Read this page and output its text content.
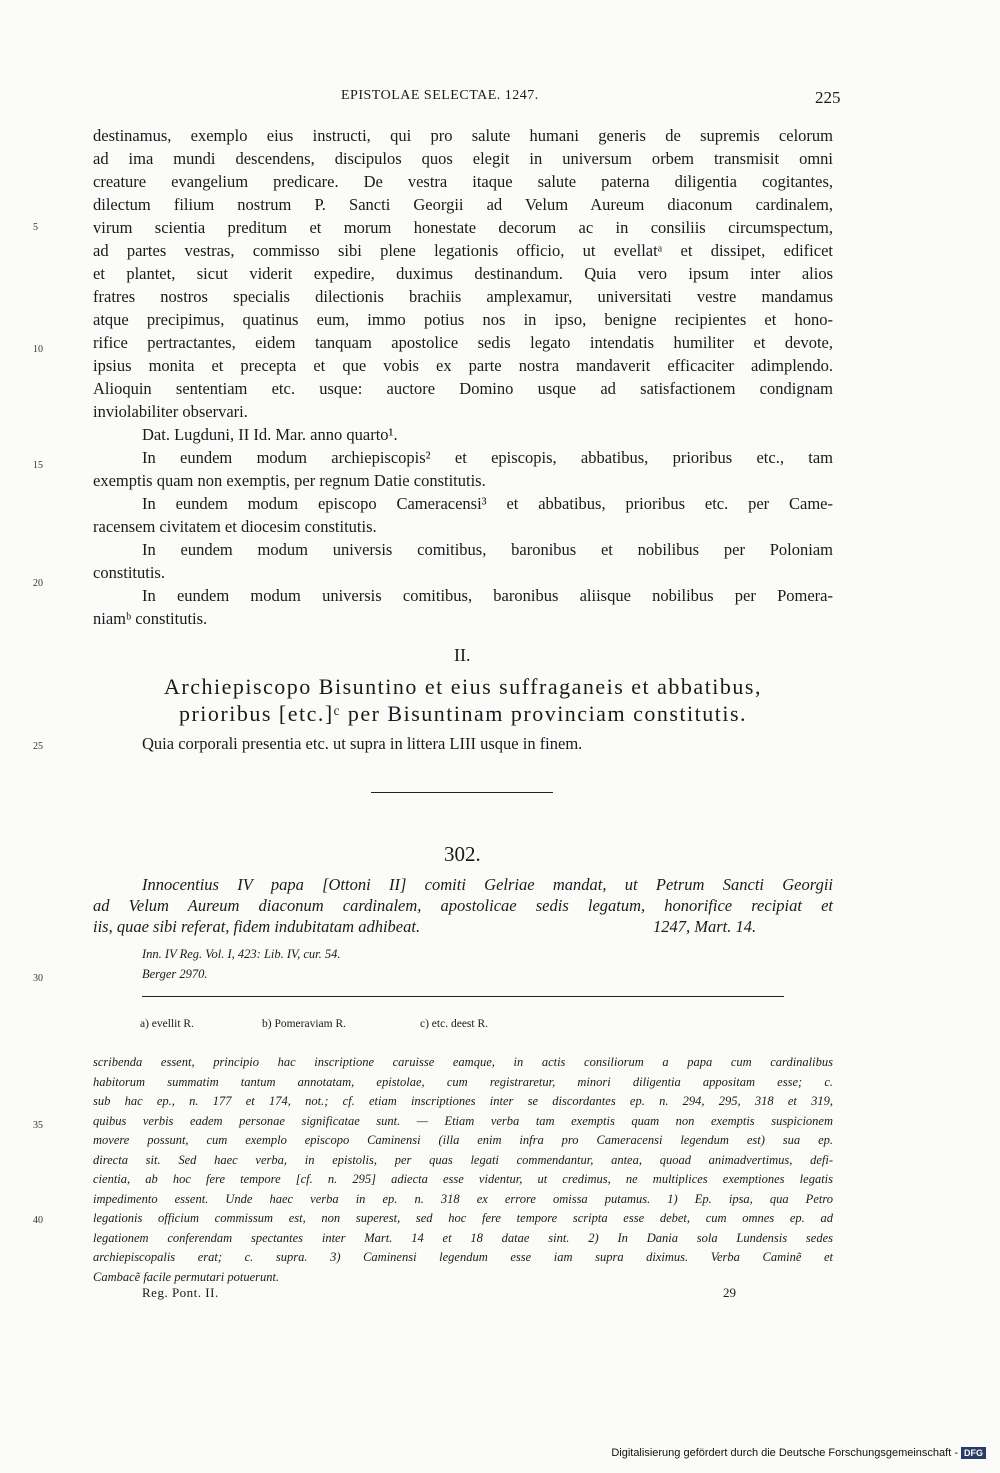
EPISTOLAE SELECTAE. 1247.	225
destinamus, exemplo eius instructi, qui pro salute humani generis de supremis celorum
ad ima mundi descendens, discipulos quos elegit in universum orbem transmisit omni
creature evangelium predicare. De vestra itaque salute paterna diligentia cogitantes,
dilectum filium nostrum P. Sancti Georgii ad Velum Aureum diaconum cardinalem,
virum scientia preditum et morum honestate decorum ac in consiliis circumspectum,
ad partes vestras, commisso sibi plene legationis officio, ut evellatᵃ et dissipet, edificet
et plantet, sicut viderit expedire, duximus destinandum. Quia vero ipsum inter alios
fratres nostros specialis dilectionis brachiis amplexamur, universitati vestre mandamus
atque precipimus, quatinus eum, immo potius nos in ipso, benigne recipientes et hono-
rifice pertractantes, eidem tanquam apostolice sedis legato intendatis humiliter et devote,
ipsius monita et precepta et que vobis ex parte nostra mandaverit efficaciter adimplendo.
Alioquin sententiam etc. usque: auctore Domino usque ad satisfactionem condignam
inviolabiliter observari.
Dat. Lugduni, II Id. Mar. anno quarto¹.
In eundem modum archiepiscopis² et episcopis, abbatibus, prioribus etc., tam
exemptis quam non exemptis, per regnum Datie constitutis.
In eundem modum episcopo Cameracensi³ et abbatibus, prioribus etc. per Came-
racensem civitatem et diocesim constitutis.
In eundem modum universis comitibus, baronibus et nobilibus per Poloniam
constitutis.
In eundem modum universis comitibus, baronibus aliisque nobilibus per Pomera-
niamᵇ constitutis.
5
10
15
20
25
30
35
40
II.
Archiepiscopo Bisuntino et eius suffraganeis et abbatibus,
prioribus [etc.]ᶜ per Bisuntinam provinciam constitutis.
Quia corporali presentia etc. ut supra in littera LIII usque in finem.
302.
Innocentius IV papa [Ottoni II] comiti Gelriae mandat, ut Petrum Sancti Georgii
ad Velum Aureum diaconum cardinalem, apostolicae sedis legatum, honorifice recipiat et
iis, quae sibi referat, fidem indubitatam adhibeat.	1247, Mart. 14.
Inn. IV Reg. Vol. I, 423: Lib. IV, cur. 54.
Berger 2970.
a) evellit R.	b) Pomeraviam R.	c) etc. deest R.
scribenda essent, principio hac inscriptione caruisse eamque, in actis consiliorum a papa cum cardinalibus
habitorum summatim tantum annotatam, epistolae, cum registraretur, minori diligentia appositam esse; c.
sub hac ep., n. 177 et 174, not.; cf. etiam inscriptiones inter se discordantes ep. n. 294, 295, 318 et 319,
quibus verbis eadem personae significatae sunt. — Etiam verba tam exemptis quam non exemptis suspicionem
movere possunt, cum exemplo episcopo Caminensi (illa enim infra pro Cameracensi legendum est) sua ep.
directa sit. Sed haec verba, in epistolis, per quas legati commendantur, antea, quoad animadvertimus, defi-
cientia, ab hoc fere tempore [cf. n. 295] adiecta esse videntur, ut credimus, ne multiplices exemptiones legatis
impedimento essent. Unde haec verba in ep. n. 318 ex errore omissa putamus. 1) Ep. ipsa, qua Petro
legationis officium commissum est, non superest, sed hoc fere tempore scripta esse debet, cum omnes ep. ad
legationem conferendam spectantes inter Mart. 14 et 18 datae sint. 2) In Dania sola Lundensis sedes
archiepiscopalis erat; c. supra. 3) Caminensi legendum esse iam supra diximus. Verba Caminẽ et
Cambacẽ facile permutari potuerunt.
Reg. Pont. II.	29
Digitalisierung gefördert durch die Deutsche Forschungsgemeinschaft - DFG
